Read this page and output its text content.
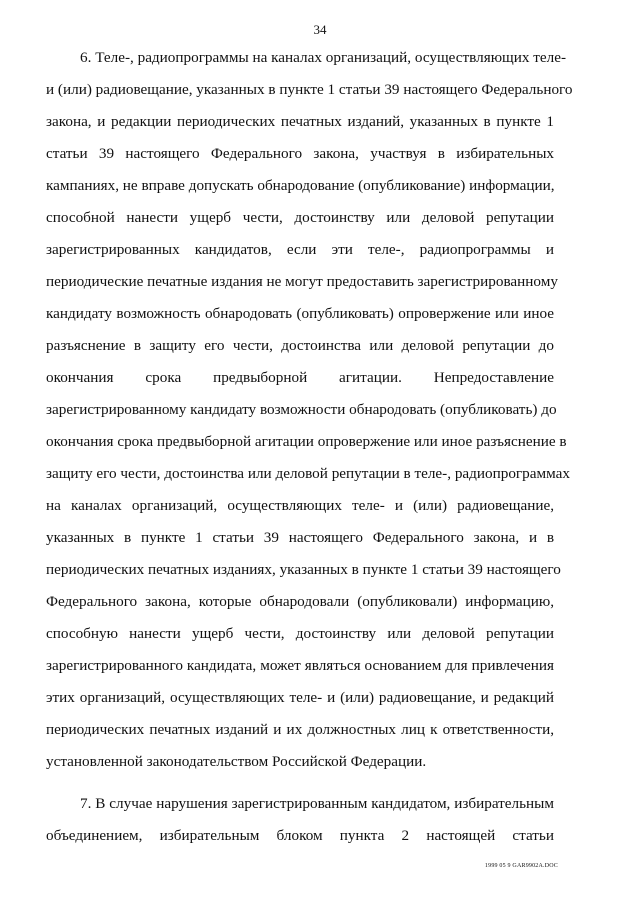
34
6. Теле-, радиопрограммы на каналах организаций, осуществляющих теле-
и (или) радиовещание, указанных в пункте 1 статьи 39 настоящего Федерального
закона, и редакции периодических печатных изданий, указанных в пункте 1
статьи 39 настоящего Федерального закона, участвуя в избирательных
кампаниях, не вправе допускать обнародование (опубликование) информации,
способной нанести ущерб чести, достоинству или деловой репутации
зарегистрированных кандидатов, если эти теле-, радиопрограммы и
периодические печатные издания не могут предоставить зарегистрированному
кандидату возможность обнародовать (опубликовать) опровержение или иное
разъяснение в защиту его чести, достоинства или деловой репутации до
окончания срока предвыборной агитации. Непредоставление
зарегистрированному кандидату возможности обнародовать (опубликовать) до
окончания срока предвыборной агитации опровержение или иное разъяснение в
защиту его чести, достоинства или деловой репутации в теле-, радиопрограммах
на каналах организаций, осуществляющих теле- и (или) радиовещание,
указанных в пункте 1 статьи 39 настоящего Федерального закона, и в
периодических печатных изданиях, указанных в пункте 1 статьи 39 настоящего
Федерального закона, которые обнародовали (опубликовали) информацию,
способную нанести ущерб чести, достоинству или деловой репутации
зарегистрированного кандидата, может являться основанием для привлечения
этих организаций, осуществляющих теле- и (или) радиовещание, и редакций
периодических печатных изданий и их должностных лиц к ответственности,
установленной законодательством Российской Федерации.
7. В случае нарушения зарегистрированным кандидатом, избирательным
объединением, избирательным блоком пункта 2 настоящей статьи
1999 05 9 GAR9902A.DOC
